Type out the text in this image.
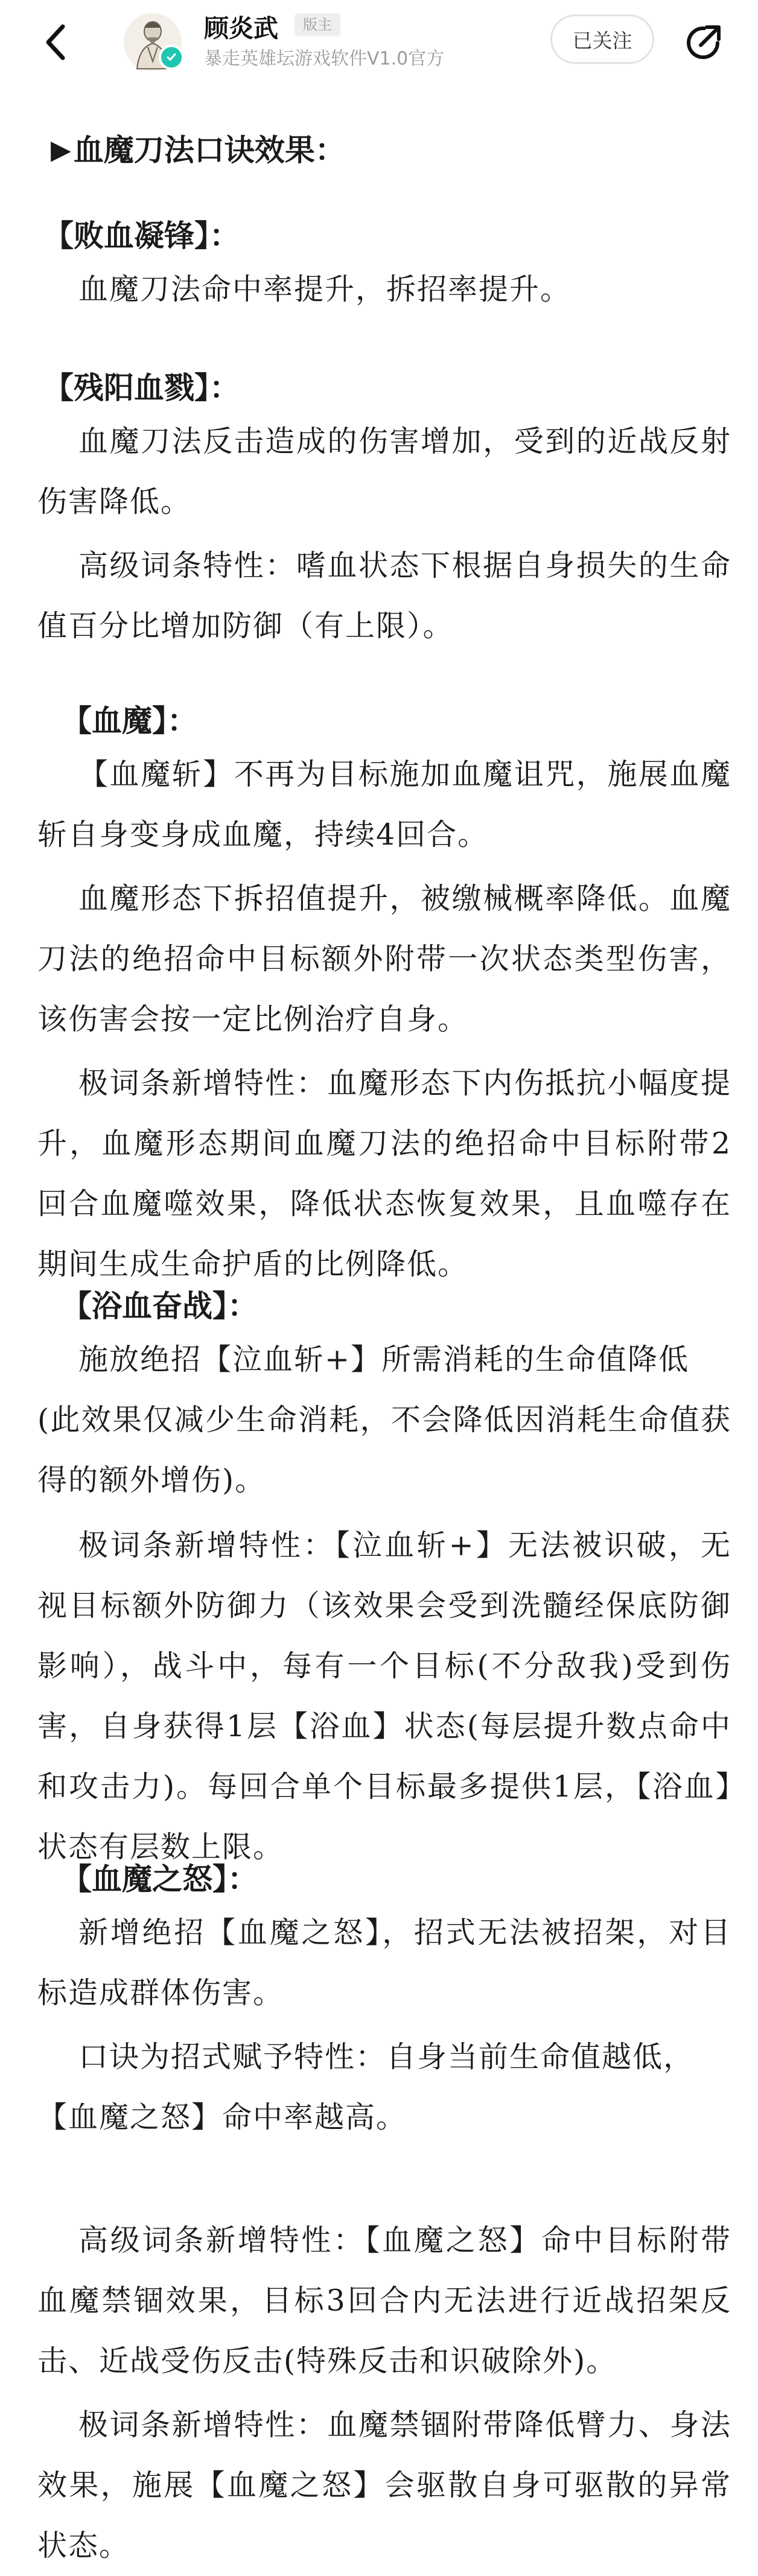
顾炎武	版主
暴走英雄坛游戏软件V1.0官方
已关注
▶ 血魔刀法口诀效果：
【败血凝锋】：

血魔刀法命中率提升，拆招率提升。

【残阳血戮】：

血魔刀法反击造成的伤害增加，受到的近战反射伤害降低。

高级词条特性：嗜血状态下根据自身损失的生命值百分比增加防御（有上限）。

【血魔】：

【血魔斩】不再为目标施加血魔诅咒，施展血魔斩自身变身成血魔，持续4回合。

血魔形态下拆招值提升，被缴械概率降低。血魔刀法的绝招命中目标额外附带一次状态类型伤害，该伤害会按一定比例治疗自身。

极词条新增特性：血魔形态下内伤抵抗小幅度提升，血魔形态期间血魔刀法的绝招命中目标附带2回合血魔噬效果，降低状态恢复效果，且血噬存在期间生成生命护盾的比例降低。

【浴血奋战】：

施放绝招【泣血斩+】所需消耗的生命值降低

(此效果仅减少生命消耗，不会降低因消耗生命值获得的额外增伤)。

极词条新增特性：【泣血斩+】无法被识破，无视目标额外防御力（该效果会受到洗髓经保底防御影响），战斗中，每有一个目标(不分敌我)受到伤害，自身获得1层【浴血】状态(每层提升数点命中和攻击力)。每回合单个目标最多提供1层，【浴血】状态有层数上限。

【血魔之怒】：

新增绝招【血魔之怒】，招式无法被招架，对目标造成群体伤害。

口诀为招式赋予特性：自身当前生命值越低，

【血魔之怒】命中率越高。

高级词条新增特性：【血魔之怒】命中目标附带血魔禁锢效果，目标3回合内无法进行近战招架反击、近战受伤反击(特殊反击和识破除外)。

极词条新增特性：血魔禁锢附带降低臂力、身法效果，施展【血魔之怒】会驱散自身可驱散的异常状态。
